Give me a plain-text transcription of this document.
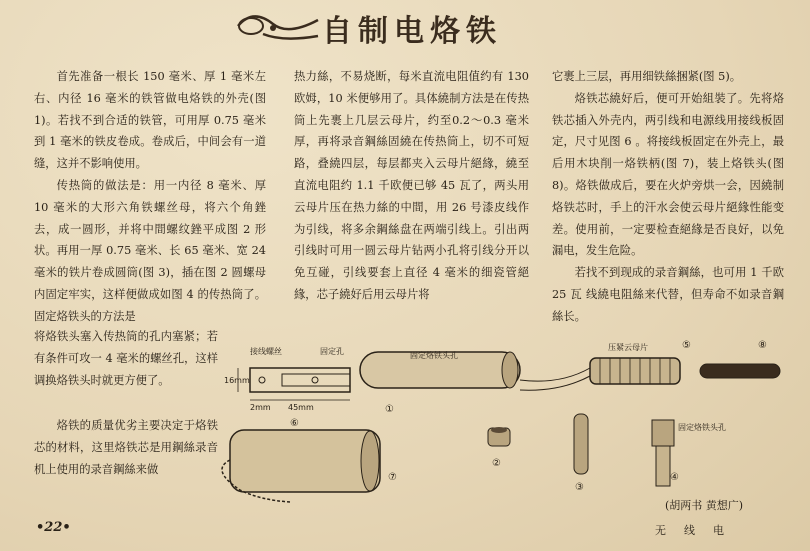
自制电烙铁

首先准备一根长 150 毫米、厚 1 毫米左右、内径 16 毫米的铁管做电烙铁的外壳(图 1)。若找不到合适的铁管，可用厚 0.75 毫米到 1 毫米的铁皮卷成。卷成后，中间会有一道缝，这并不影响使用。

传热筒的做法是：用一内径 8 毫米、厚 10 毫米的大形六角铁螺丝母，将六个角銼去，成一圆形，并将中間螺纹銼平成图 2 形状。再用一厚 0.75 毫米、长 65 毫米、宽 24 毫米的铁片卷成圆筒(图 3)，插在图 2 圆螺母内固定牢实，这样便做成如图 4 的传热筒了。固定烙铁头的方法是

将烙铁头塞入传热筒的孔内塞紧；若有条件可攻一 4 毫米的螺丝孔，这样调换烙铁头时就更方便了。

烙铁的质量优劣主要决定于烙铁芯的材料，这里烙铁芯是用鋼絲录音机上使用的录音鋼絲来做

热力絲，不易烧断，每米直流电阻值约有 130 欧姆，10 米便够用了。具体繞制方法是在传热筒上先裹上几层云母片，约至0.2～0.3 毫米厚，再将录音鋼絲固繞在传热筒上，切不可短路，叠繞四层，每层都夹入云母片絕緣，繞至直流电阻约 1.1 千欧便已够 45 瓦了，两头用云母片压在热力絲的中間，用 26 号漆皮线作为引线，将多余鋼絲盘在两端引线上。引出两引线时可用一圆云母片钻两小孔将引线分开以免互碰，引线要套上直径 4 毫米的细瓷管絕緣，芯子繞好后用云母片将

它裹上三层，再用细铁絲捆紧(图 5)。

烙铁芯繞好后，便可开始組裝了。先将烙铁芯插入外壳内，两引线和电源线用接线板固定，尺寸见图 6 。将接线板固定在外壳上，最后用木块削一烙铁柄(图 7)，装上烙铁头(图 8)。烙铁做成后，要在火炉旁烘一会，因繞制烙铁芯时，手上的汗水会使云母片絕緣性能变差。使用前，一定要检查絕緣是否良好，以免漏电，发生危险。

若找不到现成的录音鋼絲，也可用 1 千欧 25 瓦 线繞电阻絲来代替，但寿命不如录音鋼絲长。

16mm
45mm
2mm
接线螺丝	固定孔
⑥
①
固定烙铁头孔
压紧云母片	⑤	⑧
⑦
②
③
固定烙铁头孔
④
(胡两书 黄想广)
•22•	无线电
